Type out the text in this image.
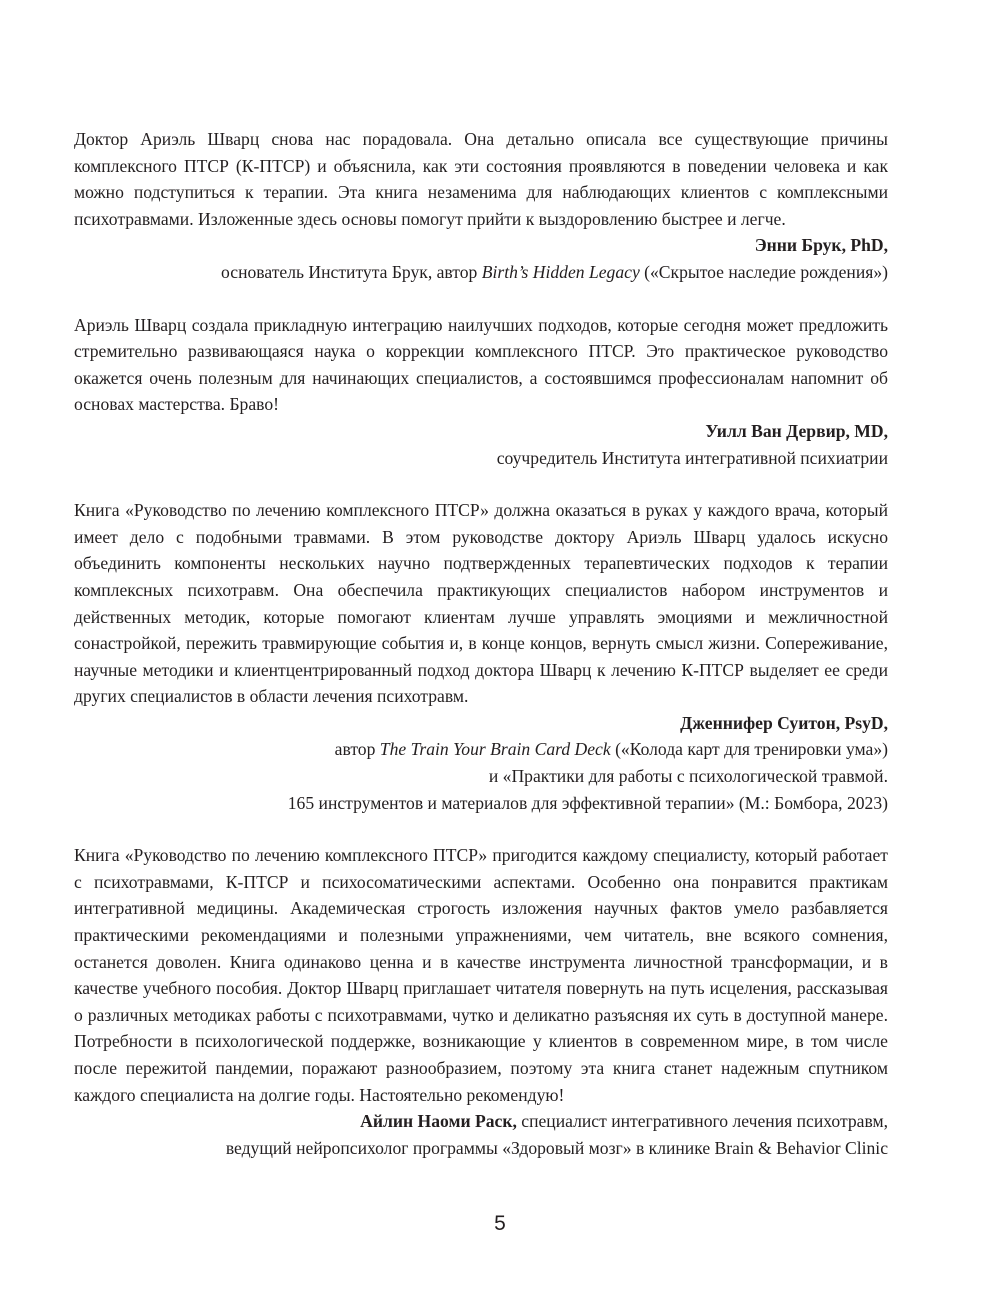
Доктор Ариэль Шварц снова нас порадовала. Она детально описала все существующие причины комплексного ПТСР (К-ПТСР) и объяснила, как эти состояния проявляются в поведении человека и как можно подступиться к терапии. Эта книга незаменима для наблюдающих клиентов с комплексными психотравмами. Изложенные здесь основы помогут прийти к выздоровлению быстрее и легче.

Энни Брук, PhD,

основатель Института Брук, автор Birth’s Hidden Legacy («Скрытое наследие рождения»)

Ариэль Шварц создала прикладную интеграцию наилучших подходов, которые сегодня может предложить стремительно развивающаяся наука о коррекции комплексного ПТСР. Это практическое руководство окажется очень полезным для начинающих специалистов, а состоявшимся профессионалам напомнит об основах мастерства. Браво!

Уилл Ван Дервир, MD,

соучредитель Института интегративной психиатрии

Книга «Руководство по лечению комплексного ПТСР» должна оказаться в руках у каждого врача, который имеет дело с подобными травмами. В этом руководстве доктору Ариэль Шварц удалось искусно объединить компоненты нескольких научно подтвержденных терапевтических подходов к терапии комплексных психотравм. Она обеспечила практикующих специалистов набором инструментов и действенных методик, которые помогают клиентам лучше управлять эмоциями и межличностной сонастройкой, пережить травмирующие события и, в конце концов, вернуть смысл жизни. Сопереживание, научные методики и клиентцентрированный подход доктора Шварц к лечению К-ПТСР выделяет ее среди других специалистов в области лечения психотравм.

Дженнифер Суитон, PsyD,

автор The Train Your Brain Card Deck («Колода карт для тренировки ума»)

и «Практики для работы с психологической травмой.

165 инструментов и материалов для эффективной терапии» (М.: Бомбора, 2023)

Книга «Руководство по лечению комплексного ПТСР» пригодится каждому специалисту, который работает с психотравмами, К-ПТСР и психосоматическими аспектами. Особенно она понравится практикам интегративной медицины. Академическая строгость изложения научных фактов умело разбавляется практическими рекомендациями и полезными упражнениями, чем читатель, вне всякого сомнения, останется доволен. Книга одинаково ценна и в качестве инструмента личностной трансформации, и в качестве учебного пособия. Доктор Шварц приглашает читателя повернуть на путь исцеления, рассказывая о различных методиках работы с психотравмами, чутко и деликатно разъясняя их суть в доступной манере. Потребности в психологической поддержке, возникающие у клиентов в современном мире, в том числе после пережитой пандемии, поражают разнообразием, поэтому эта книга станет надежным спутником каждого специалиста на долгие годы. Настоятельно рекомендую!

Айлин Наоми Раск, специалист интегративного лечения психотравм,

ведущий нейропсихолог программы «Здоровый мозг» в клинике Brain & Behavior Clinic

5
